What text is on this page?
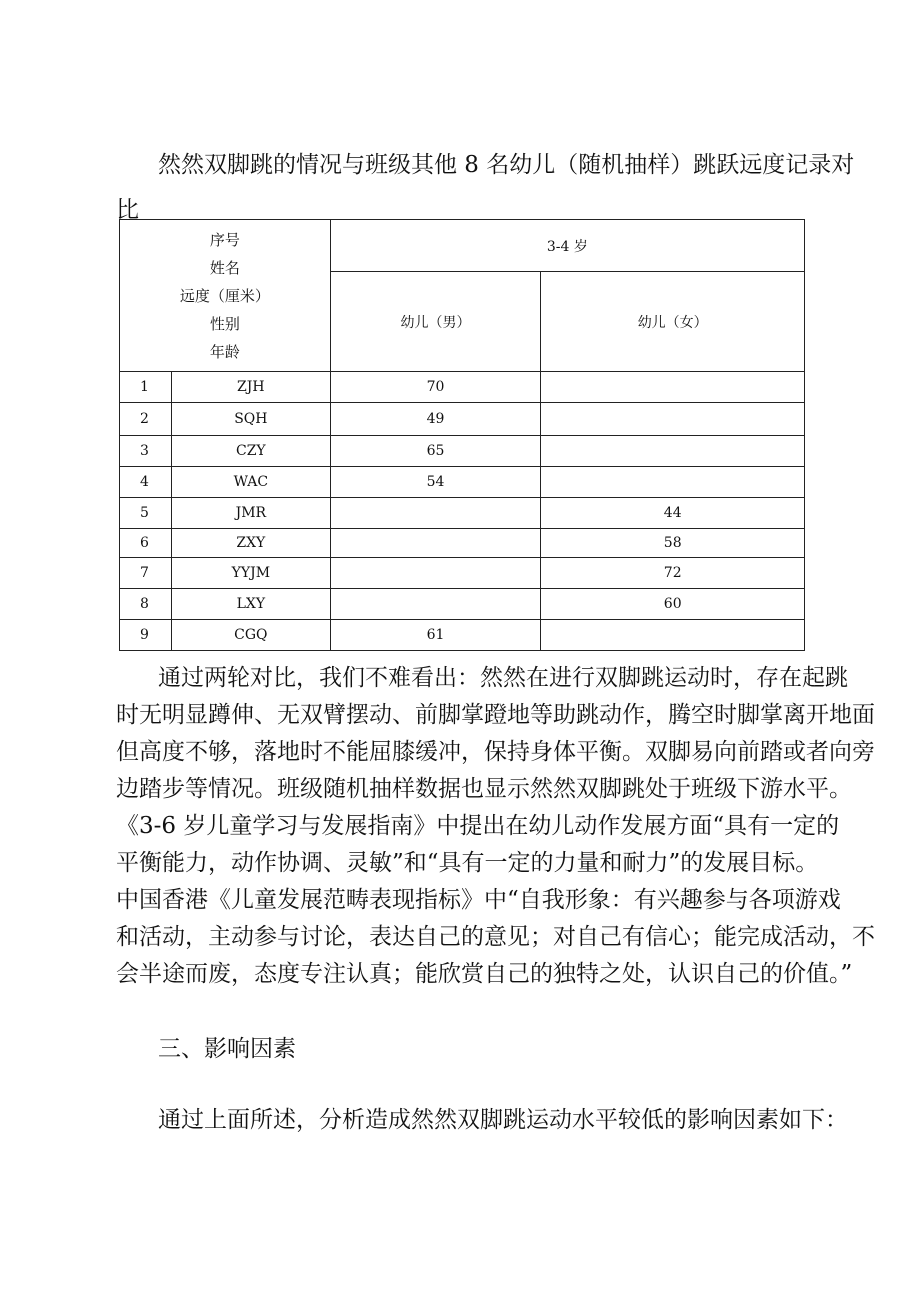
然然双脚跳的情况与班级其他 8 名幼儿（随机抽样）跳跃远度记录对
比
序号
姓名
远度（厘米）
性别
年龄		3-4 岁	
		幼儿（男）	幼儿（女）
1	ZJH	70	
2	SQH	49	
3	CZY	65	
4	WAC	54	
5	JMR		44
6	ZXY		58
7	YYJM		72
8	LXY		60
9	CGQ	61	
通过两轮对比，我们不难看出：然然在进行双脚跳运动时，存在起跳
时无明显蹲伸、无双臂摆动、前脚掌蹬地等助跳动作，腾空时脚掌离开地面
但高度不够，落地时不能屈膝缓冲，保持身体平衡。双脚易向前踏或者向旁
边踏步等情况。班级随机抽样数据也显示然然双脚跳处于班级下游水平。
《3-6 岁儿童学习与发展指南》中提出在幼儿动作发展方面“具有一定的
平衡能力，动作协调、灵敏”和“具有一定的力量和耐力”的发展目标。
中国香港《儿童发展范畴表现指标》中“自我形象：有兴趣参与各项游戏
和活动，主动参与讨论，表达自己的意见；对自己有信心；能完成活动，不
会半途而废，态度专注认真；能欣赏自己的独特之处，认识自己的价值。”
三、影响因素
通过上面所述，分析造成然然双脚跳运动水平较低的影响因素如下：
